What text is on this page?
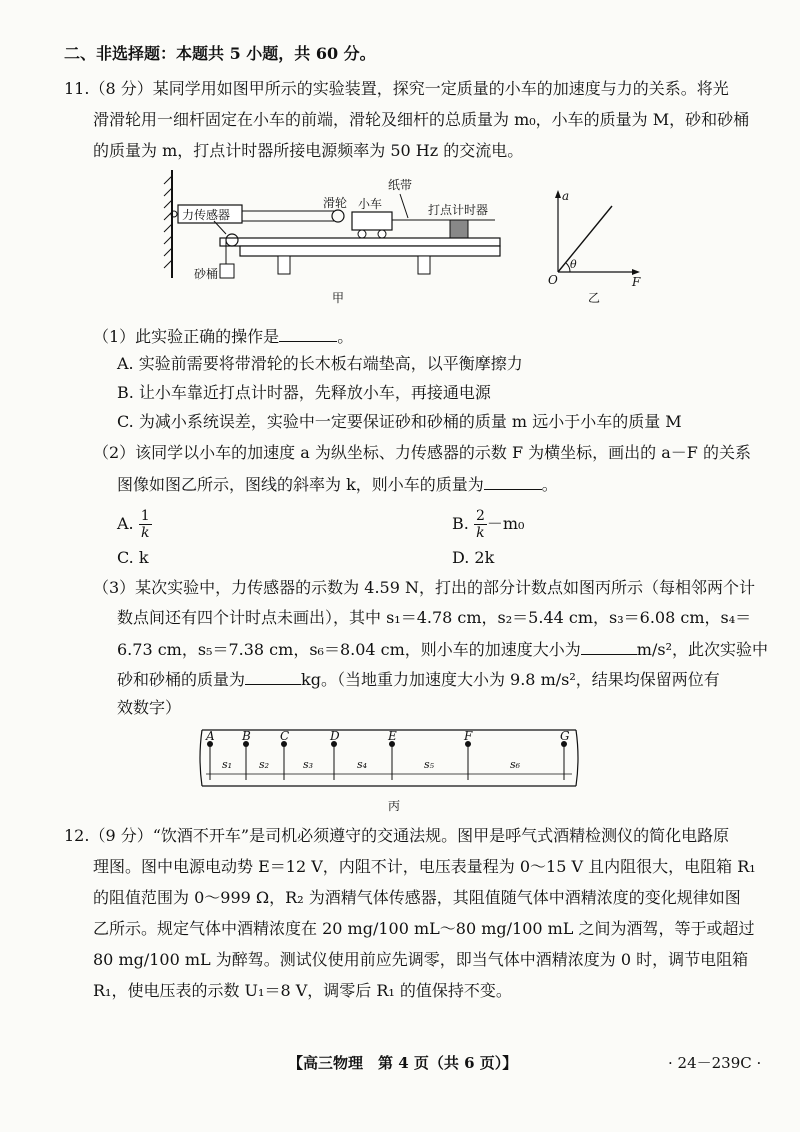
二、非选择题：本题共 5 小题，共 60 分。
11.（8 分）某同学用如图甲所示的实验装置，探究一定质量的小车的加速度与力的关系。将光
滑滑轮用一细杆固定在小车的前端，滑轮及细杆的总质量为 m₀，小车的质量为 M，砂和砂桶
的质量为 m，打点计时器所接电源频率为 50 Hz 的交流电。
力传感器
滑轮 小车
纸带
打点计时器
砂桶
甲
a
F
O
θ
乙
（1）此实验正确的操作是	。
A. 实验前需要将带滑轮的长木板右端垫高，以平衡摩擦力
B. 让小车靠近打点计时器，先释放小车，再接通电源
C. 为减小系统误差，实验中一定要保证砂和砂桶的质量 m 远小于小车的质量 M
（2）该同学以小车的加速度 a 为纵坐标、力传感器的示数 F 为横坐标，画出的 a－F 的关系
图像如图乙所示，图线的斜率为 k，则小车的质量为	。
A. $\frac{1}{k}$	B. $\frac{2}{k} -m_0$
C. k	D. 2k
（3）某次实验中，力传感器的示数为 4.59 N，打出的部分计数点如图丙所示（每相邻两个计
数点间还有四个计时点未画出），其中 s₁＝4.78 cm，s₂＝5.44 cm，s₃＝6.08 cm，s₄＝
6.73 cm，s₅＝7.38 cm，s₆＝8.04 cm，则小车的加速度大小为	m/s²，此次实验中
砂和砂桶的质量为	kg。（当地重力加速度大小为 9.8 m/s²，结果均保留两位有
效数字）
A B C	D	E	F	G
s₁ s₂	s₃	s₄	s₅	s₆
丙
12.（9 分）“饮酒不开车”是司机必须遵守的交通法规。图甲是呼气式酒精检测仪的简化电路原
理图。图中电源电动势 E＝12 V，内阻不计，电压表量程为 0～15 V 且内阻很大，电阻箱 R₁
的阻值范围为 0～999 Ω，R₂ 为酒精气体传感器，其阻值随气体中酒精浓度的变化规律如图
乙所示。规定气体中酒精浓度在 20 mg/100 mL～80 mg/100 mL 之间为酒驾，等于或超过
80 mg/100 mL 为醉驾。测试仪使用前应先调零，即当气体中酒精浓度为 0 时，调节电阻箱
R₁，使电压表的示数 U₁＝8 V，调零后 R₁ 的值保持不变。
【高三物理　第 4 页（共 6 页）】	· 24－239C ·
